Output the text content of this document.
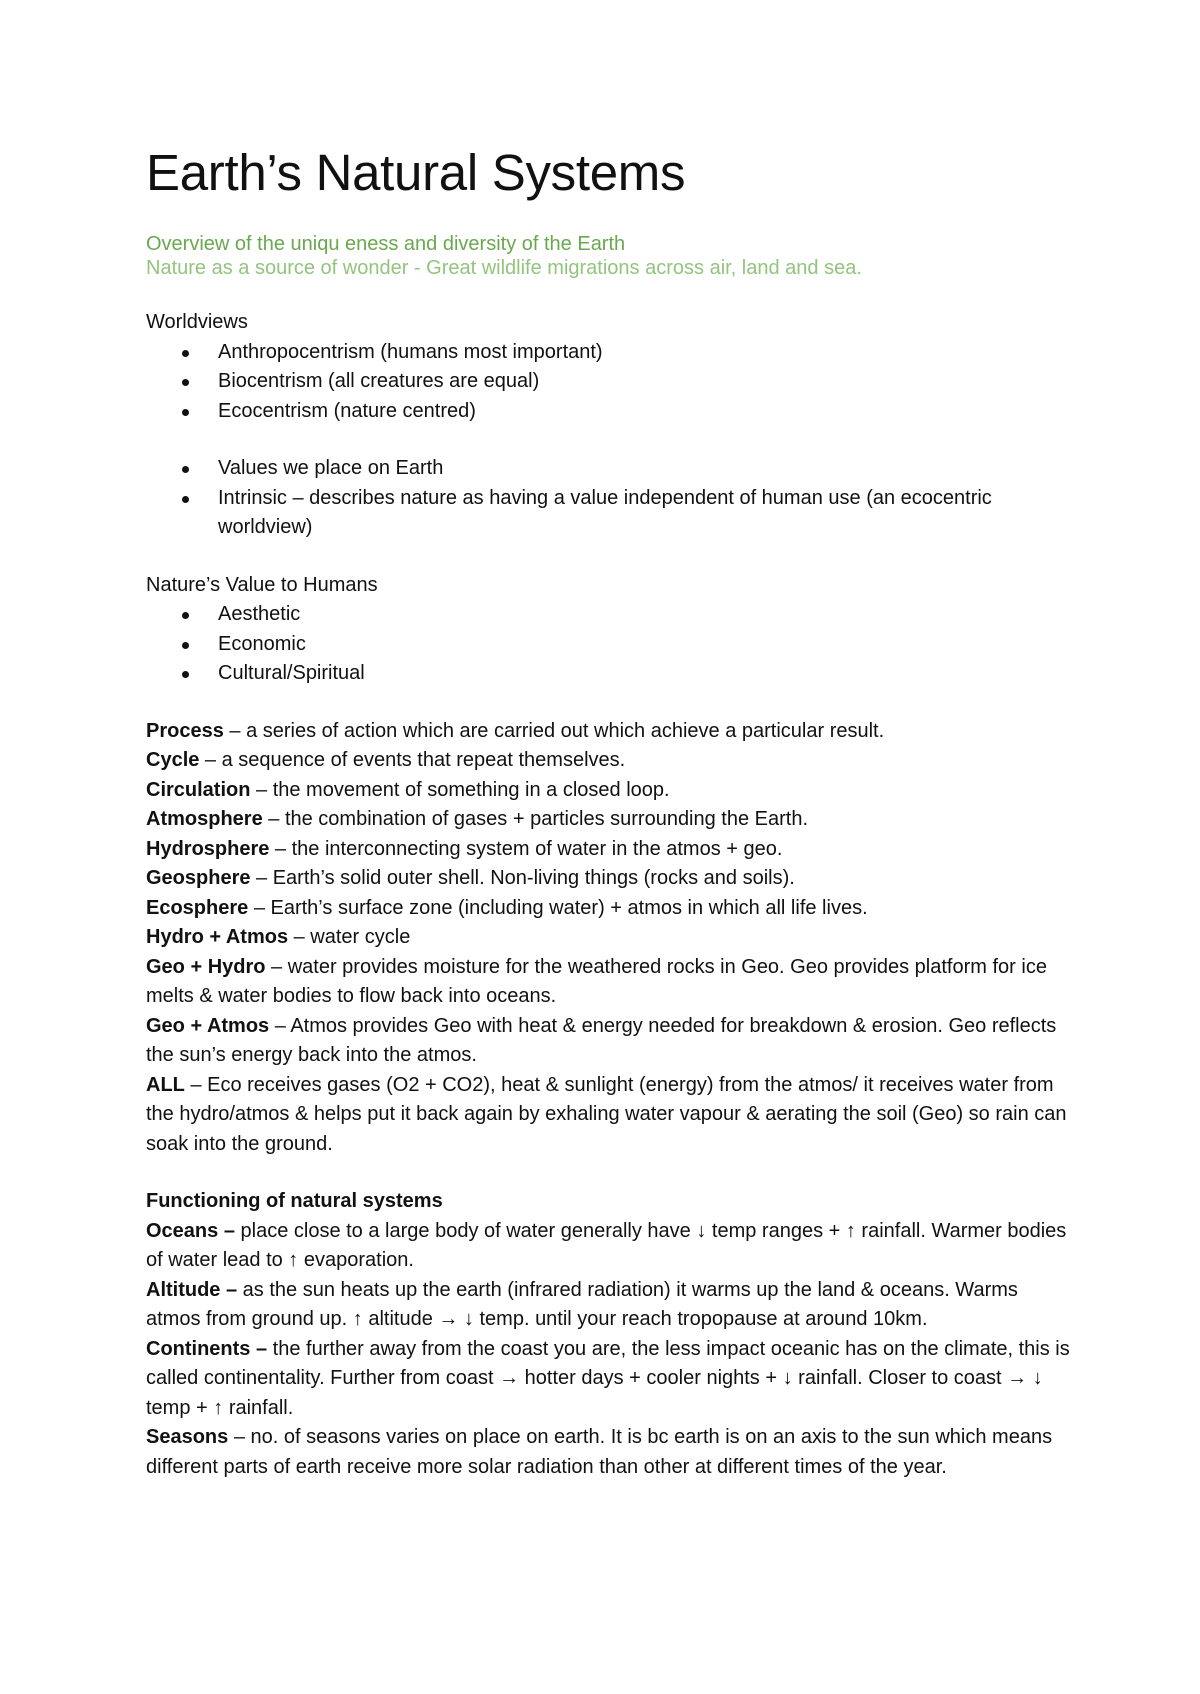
Earth’s Natural Systems
Overview of the uniqu eness and diversity of the Earth
Nature as a source of wonder - Great wildlife migrations across air, land and sea.
Worldviews
Anthropocentrism (humans most important)
Biocentrism (all creatures are equal)
Ecocentrism (nature centred)
Values we place on Earth
Intrinsic – describes nature as having a value independent of human use (an ecocentric worldview)
Nature’s Value to Humans
Aesthetic
Economic
Cultural/Spiritual

Process – a series of action which are carried out which achieve a particular result.

Cycle – a sequence of events that repeat themselves.

Circulation – the movement of something in a closed loop.

Atmosphere – the combination of gases + particles surrounding the Earth.

Hydrosphere – the interconnecting system of water in the atmos + geo.

Geosphere – Earth’s solid outer shell. Non-living things (rocks and soils).

Ecosphere – Earth’s surface zone (including water) + atmos in which all life lives.

Hydro + Atmos – water cycle

Geo + Hydro – water provides moisture for the weathered rocks in Geo. Geo provides platform for ice melts & water bodies to flow back into oceans.

Geo + Atmos – Atmos provides Geo with heat & energy needed for breakdown & erosion. Geo reflects the sun’s energy back into the atmos.

ALL – Eco receives gases (O2 + CO2), heat & sunlight (energy) from the atmos/ it receives water from the hydro/atmos & helps put it back again by exhaling water vapour & aerating the soil (Geo) so rain can soak into the ground.

Functioning of natural systems

Oceans – place close to a large body of water generally have ↓ temp ranges + ↑ rainfall. Warmer bodies of water lead to ↑ evaporation.

Altitude – as the sun heats up the earth (infrared radiation) it warms up the land & oceans. Warms atmos from ground up. ↑ altitude → ↓ temp. until your reach tropopause at around 10km.

Continents – the further away from the coast you are, the less impact oceanic has on the climate, this is called continentality. Further from coast → hotter days + cooler nights + ↓ rainfall. Closer to coast → ↓ temp + ↑ rainfall.

Seasons – no. of seasons varies on place on earth. It is bc earth is on an axis to the sun which means different parts of earth receive more solar radiation than other at different times of the year.
